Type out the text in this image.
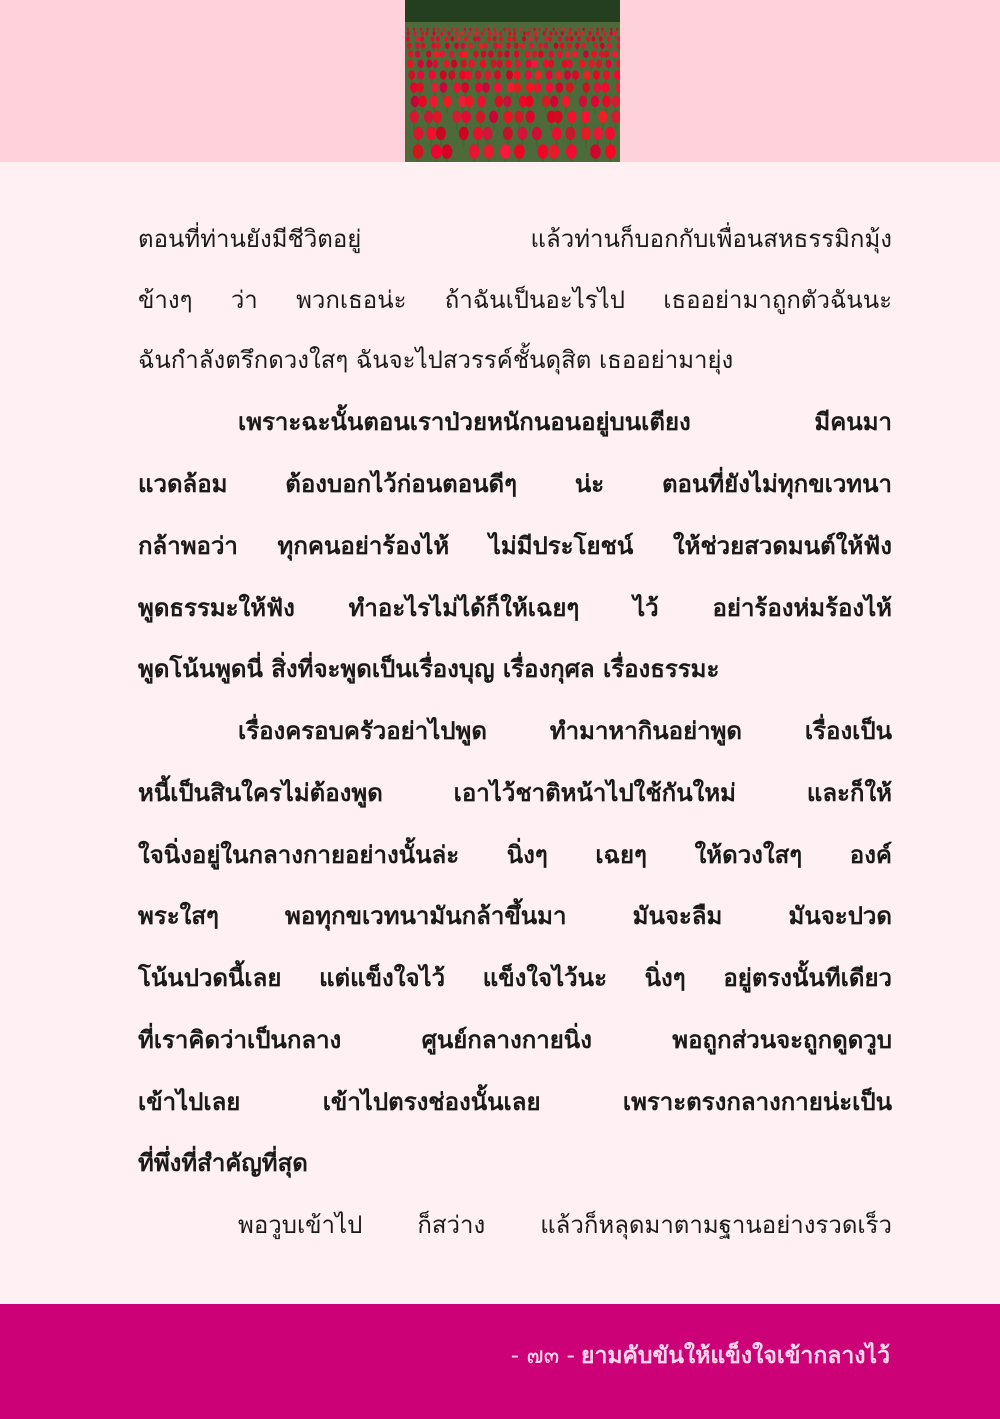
ตอนที่ท่านยังมีชีวิตอยู่ แล้วท่านก็บอกกับเพื่อนสหธรรมิกมุ้ง
ข้างๆ ว่า พวกเธอน่ะ ถ้าฉันเป็นอะไรไป เธออย่ามาถูกตัวฉันนะ
ฉันกำลังตรึกดวงใสๆ ฉันจะไปสวรรค์ชั้นดุสิต เธออย่ามายุ่ง
เพราะฉะนั้นตอนเราป่วยหนักนอนอยู่บนเตียง มีคนมา
แวดล้อม ต้องบอกไว้ก่อนตอนดีๆ น่ะ ตอนที่ยังไม่ทุกขเวทนา
กล้าพอว่า ทุกคนอย่าร้องไห้ ไม่มีประโยชน์ ให้ช่วยสวดมนต์ให้ฟัง
พูดธรรมะให้ฟัง ทำอะไรไม่ได้ก็ให้เฉยๆ ไว้ อย่าร้องห่มร้องไห้
พูดโน้นพูดนี่ สิ่งที่จะพูดเป็นเรื่องบุญ เรื่องกุศล เรื่องธรรมะ
เรื่องครอบครัวอย่าไปพูด ทำมาหากินอย่าพูด เรื่องเป็น
หนี้เป็นสินใครไม่ต้องพูด เอาไว้ชาติหน้าไปใช้กันใหม่ และก็ให้
ใจนิ่งอยู่ในกลางกายอย่างนั้นล่ะ นิ่งๆ เฉยๆ ให้ดวงใสๆ องค์
พระใสๆ พอทุกขเวทนามันกล้าขึ้นมา มันจะลืม มันจะปวด
โน้นปวดนี้เลย แต่แข็งใจไว้ แข็งใจไว้นะ นิ่งๆ อยู่ตรงนั้นทีเดียว
ที่เราคิดว่าเป็นกลาง ศูนย์กลางกายนิ่ง พอถูกส่วนจะถูกดูดวูบ
เข้าไปเลย เข้าไปตรงช่องนั้นเลย เพราะตรงกลางกายน่ะเป็น
ที่พึ่งที่สำคัญที่สุด
พอวูบเข้าไป ก็สว่าง แล้วก็หลุดมาตามฐานอย่างรวดเร็ว
- ๗๓ - ยามคับขันให้แข็งใจเข้ากลางไว้
